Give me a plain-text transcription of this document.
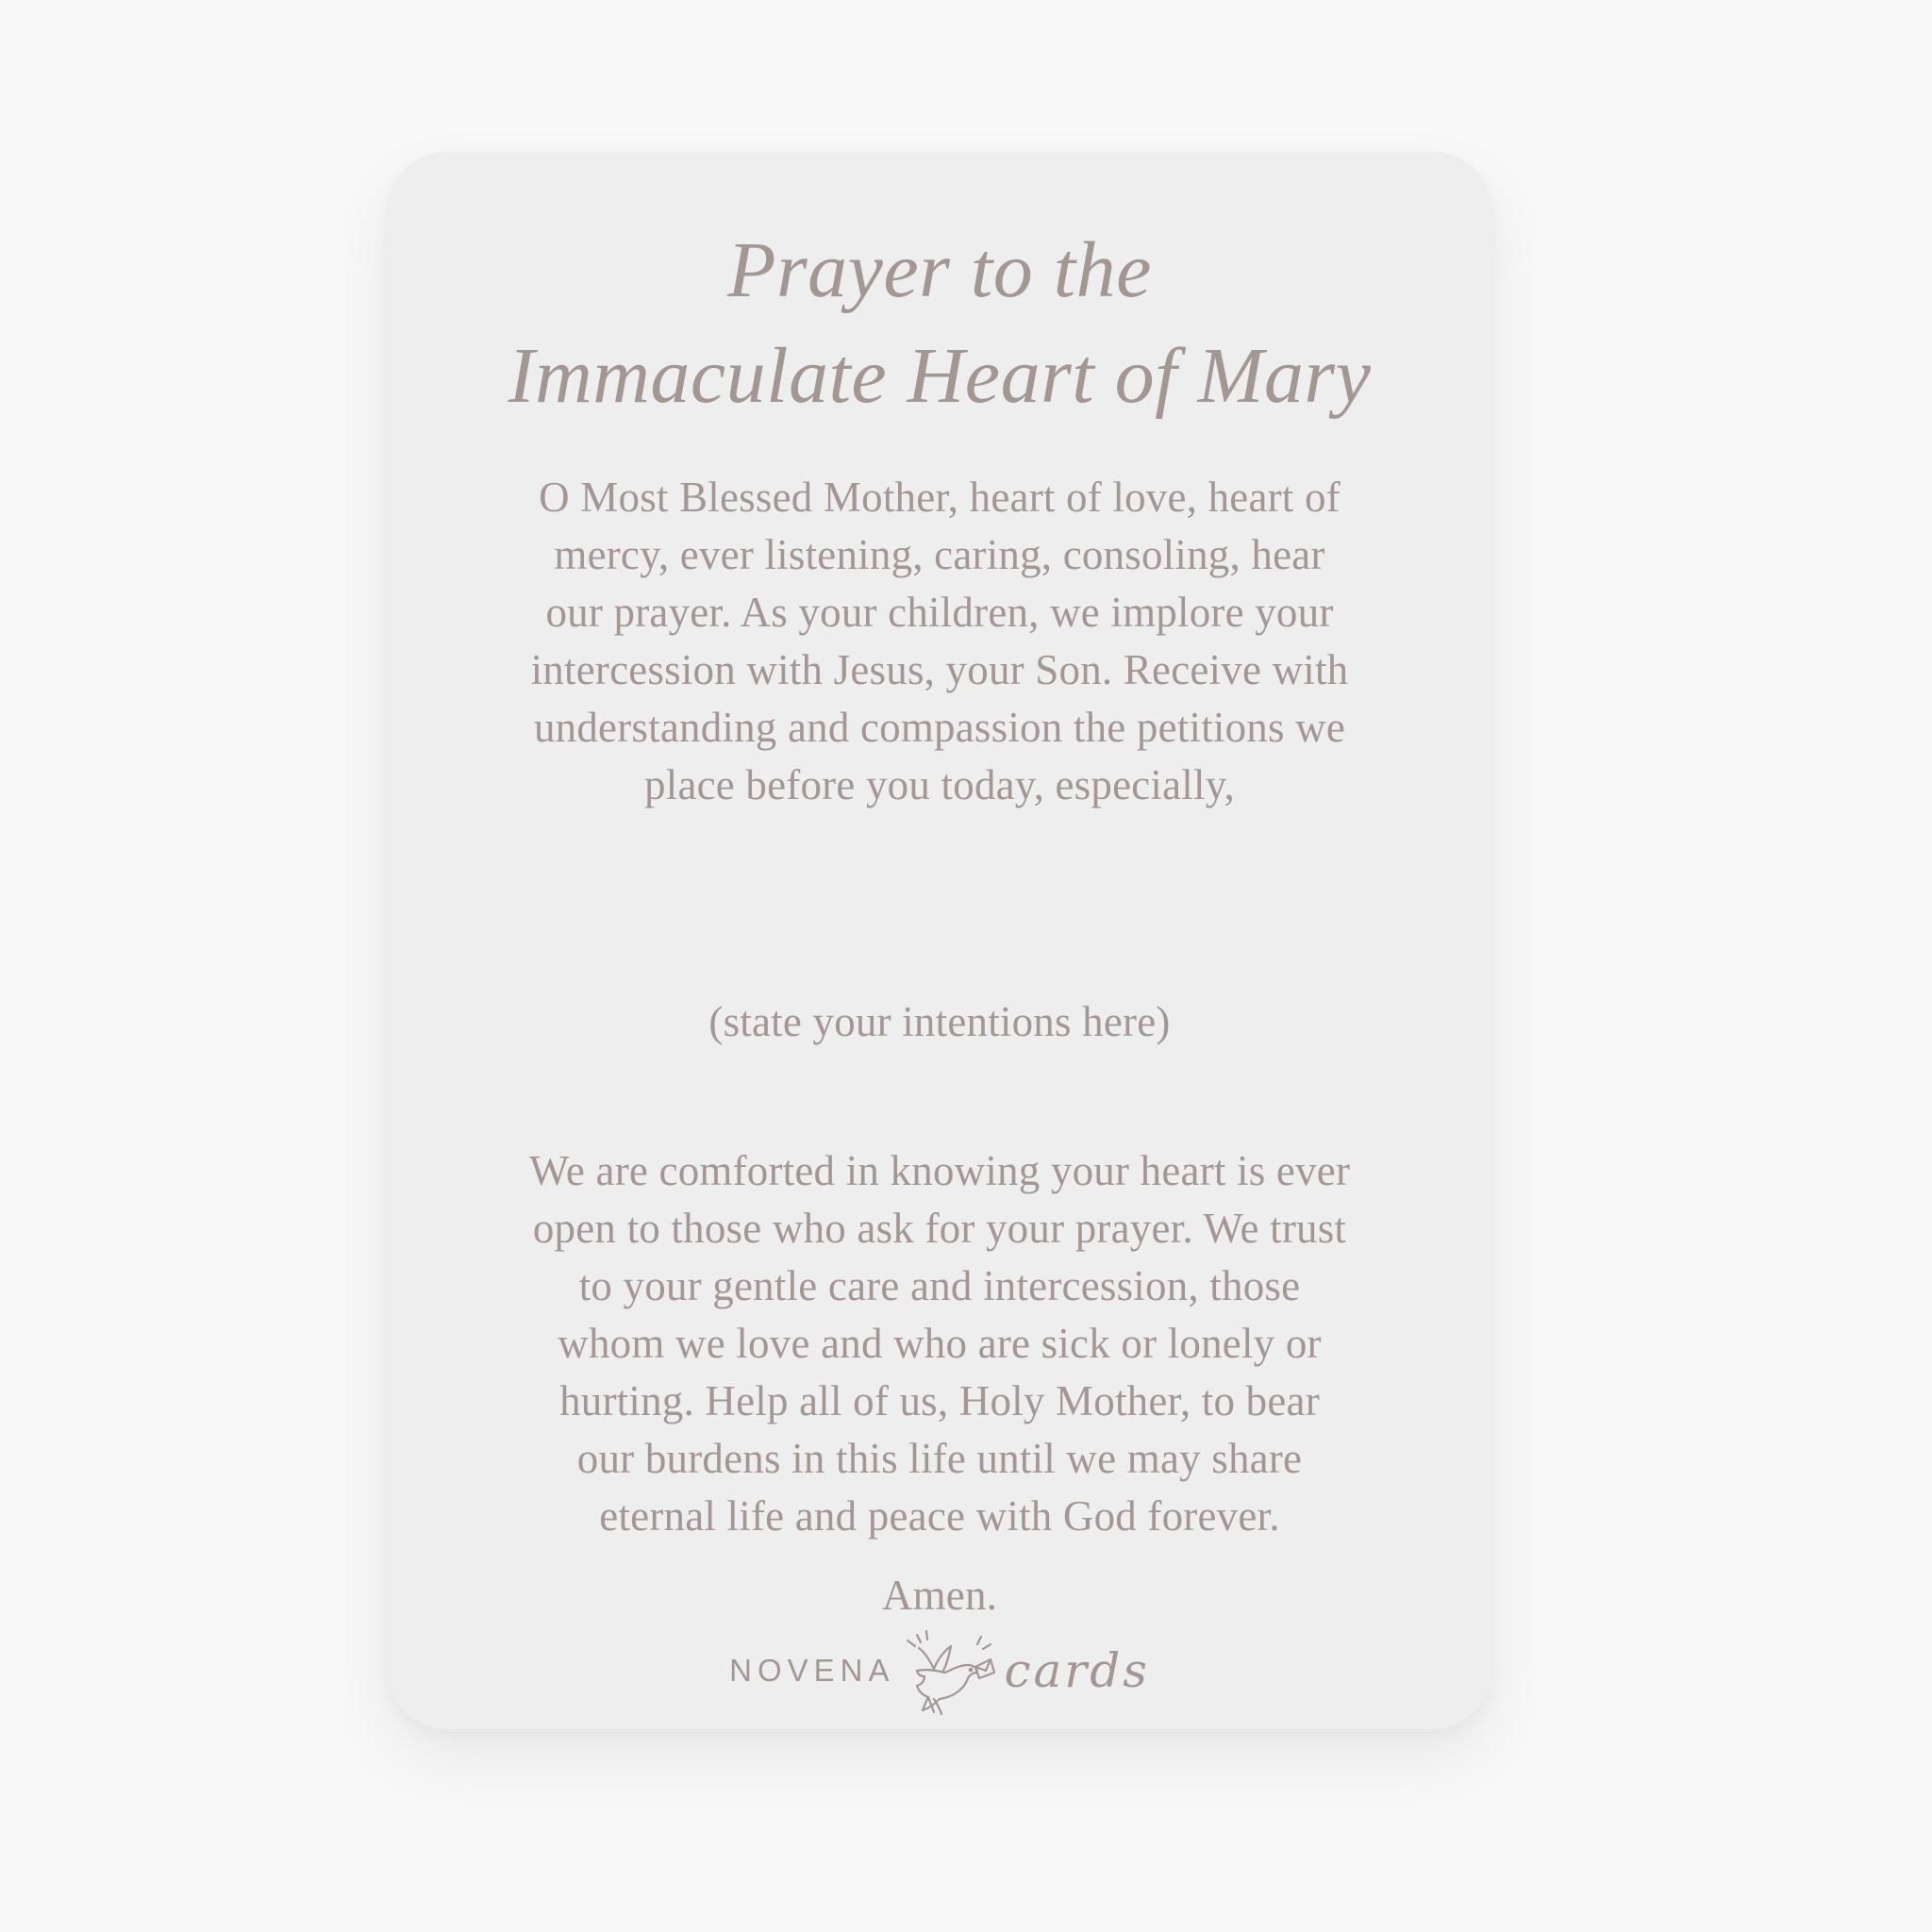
Prayer to the
Immaculate Heart of Mary

O Most Blessed Mother, heart of love, heart of
mercy, ever listening, caring, consoling, hear
our prayer. As your children, we implore your
intercession with Jesus, your Son. Receive with
understanding and compassion the petitions we
place before you today, especially,

(state your intentions here)

We are comforted in knowing your heart is ever
open to those who ask for your prayer. We trust
to your gentle care and intercession, those
whom we love and who are sick or lonely or
hurting. Help all of us, Holy Mother, to bear
our burdens in this life until we may share
eternal life and peace with God forever.

Amen.

NOVENA cards
